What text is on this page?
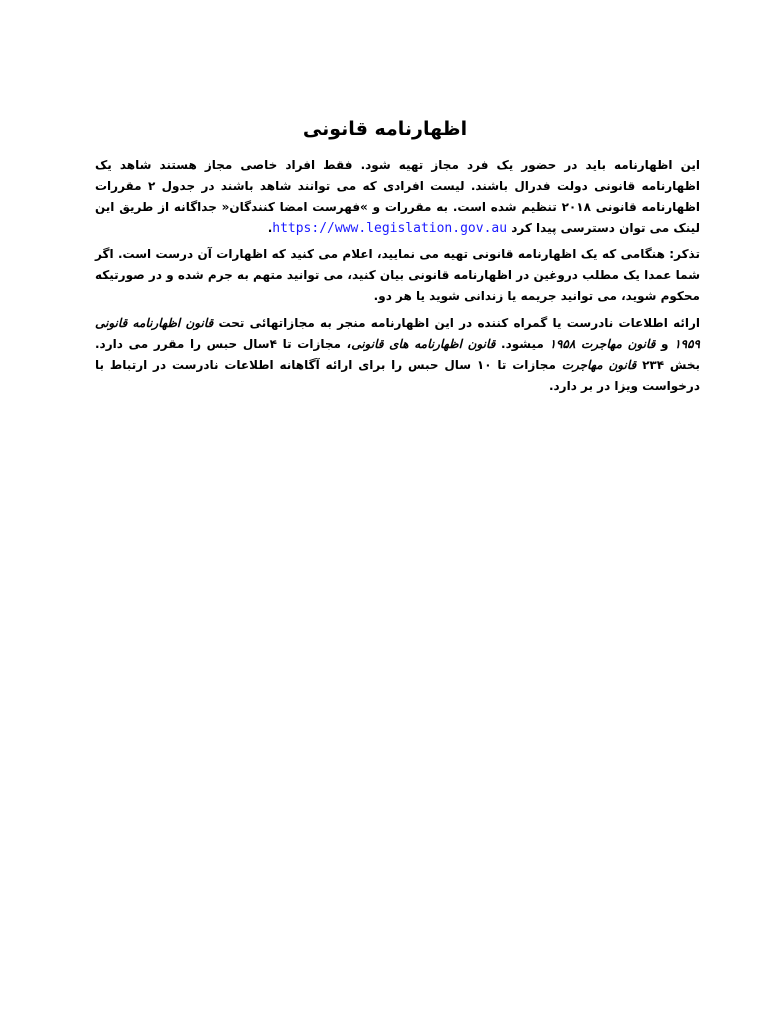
اظهارنامه قانونی

این اظهارنامه باید در حضور یک فرد مجاز تهیه شود. فقط افراد خاصی مجاز هستند شاهد یک اظهارنامه قانونی دولت فدرال باشند. لیست افرادی که می توانند شاهد باشند در جدول ۲ مقررات اظهارنامه قانونی ۲۰۱۸ تنظیم شده است. به مقررات و »فهرست امضا کنندگان« جداگانه از طریق این لینک می توان دسترسی پیدا کرد https://www.legislation.gov.au.

تذکر: هنگامی که یک اظهارنامه قانونی تهیه می نمایید، اعلام می کنید که اظهارات آن درست است. اگر شما عمدا یک مطلب دروغین در اظهارنامه قانونی بیان کنید، می توانید متهم به جرم شده و در صورتیکه محکوم شوید، می توانید جریمه یا زندانی شوید یا هر دو.

ارائه اطلاعات نادرست یا گمراه کننده در این اظهارنامه منجر به مجازاتهائی تحت قانون اظهارنامه قانونی ۱۹۵۹ و قانون مهاجرت ۱۹۵۸ میشود. قانون اظهارنامه های قانونی، مجازات تا ۴سال حبس را مقرر می دارد. بخش ۲۳۴ قانون مهاجرت مجازات تا ۱۰ سال حبس را برای ارائه آگاهانه اطلاعات نادرست در ارتباط با درخواست ویزا در بر دارد.
